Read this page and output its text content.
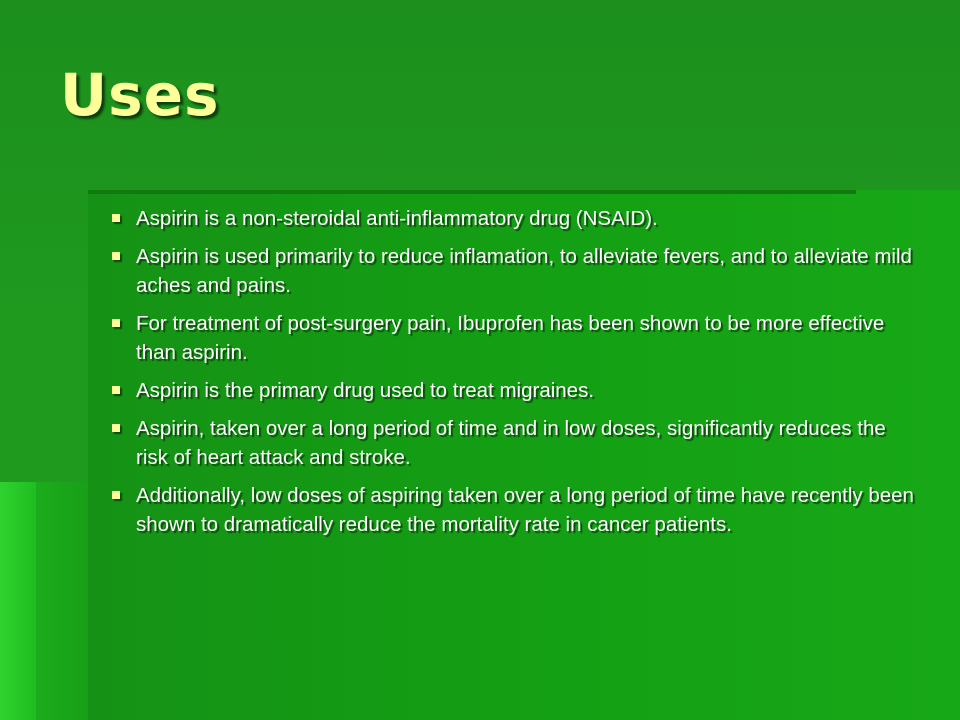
Uses
Aspirin is a non-steroidal anti-inflammatory drug (NSAID).
Aspirin is used primarily to reduce inflamation, to alleviate fevers, and to alleviate mild aches and pains.
For treatment of post-surgery pain, Ibuprofen has been shown to be more effective than aspirin.
Aspirin is the primary drug used to treat migraines.
Aspirin, taken over a long period of time and in low doses, significantly reduces the risk of heart attack and stroke.
Additionally, low doses of aspiring taken over a long period of time have recently been shown to dramatically reduce the mortality rate in cancer patients.
